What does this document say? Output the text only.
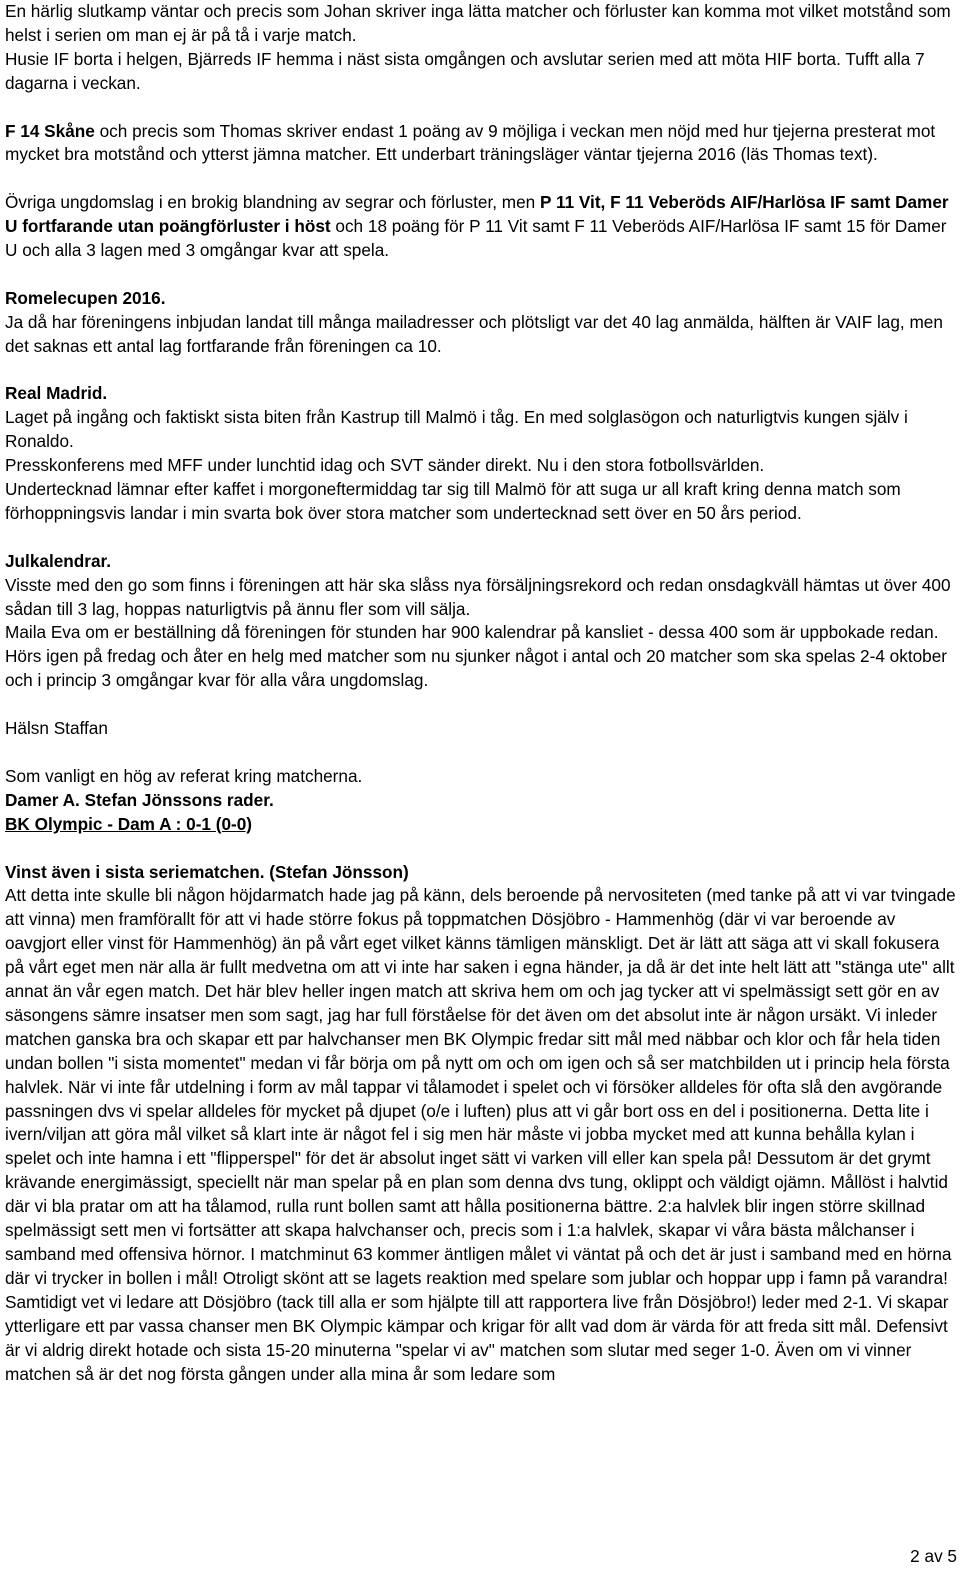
En härlig slutkamp väntar och precis som Johan skriver inga lätta matcher och förluster kan komma mot vilket motstånd som helst i serien om man ej är på tå i varje match.
Husie IF borta i helgen, Bjärreds IF hemma i näst sista omgången och avslutar serien med att möta HIF borta. Tufft alla 7 dagarna i veckan.

F 14 Skåne och precis som Thomas skriver endast 1 poäng av 9 möjliga i veckan men nöjd med hur tjejerna presterat mot mycket bra motstånd och ytterst jämna matcher. Ett underbart träningsläger väntar tjejerna 2016 (läs Thomas text).

Övriga ungdomslag i en brokig blandning av segrar och förluster, men P 11 Vit, F 11 Veberöds AIF/Harlösa IF samt Damer U fortfarande utan poängförluster i höst och 18 poäng för P 11 Vit samt F 11 Veberöds AIF/Harlösa IF samt 15 för Damer U och alla 3 lagen med 3 omgångar kvar att spela.

Romelecupen 2016.
Ja då har föreningens inbjudan landat till många mailadresser och plötsligt var det 40 lag anmälda, hälften är VAIF lag, men det saknas ett antal lag fortfarande från föreningen ca 10.

Real Madrid.
Laget på ingång och faktiskt sista biten från Kastrup till Malmö i tåg. En med solglasögon och naturligtvis kungen själv i Ronaldo.
Presskonferens med MFF under lunchtid idag och SVT sänder direkt. Nu i den stora fotbollsvärlden.
Undertecknad lämnar efter kaffet i morgoneftermiddag tar sig till Malmö för att suga ur all kraft kring denna match som förhoppningsvis landar i min svarta bok över stora matcher som undertecknad sett över en 50 års period.

Julkalendrar.
Visste med den go som finns i föreningen att här ska slåss nya försäljningsrekord och redan onsdagkväll hämtas ut över 400 sådan till 3 lag, hoppas naturligtvis på ännu fler som vill sälja.
Maila Eva om er beställning då föreningen för stunden har 900 kalendrar på kansliet - dessa 400 som är uppbokade redan.
Hörs igen på fredag och åter en helg med matcher som nu sjunker något i antal och 20 matcher som ska spelas 2-4 oktober och i princip 3 omgångar kvar för alla våra ungdomslag.

Hälsn Staffan

Som vanligt en hög av referat kring matcherna.
Damer A. Stefan Jönssons rader.
BK Olympic - Dam A : 0-1 (0-0)

Vinst även i sista seriematchen. (Stefan Jönsson)
Att detta inte skulle bli någon höjdarmatch hade jag på känn, dels beroende på nervositeten (med tanke på att vi var tvingade att vinna) men framförallt för att vi hade större fokus på toppmatchen Dösjöbro - Hammenhög (där vi var beroende av oavgjort eller vinst för Hammenhög) än på vårt eget vilket känns tämligen mänskligt. Det är lätt att säga att vi skall fokusera på vårt eget men när alla är fullt medvetna om att vi inte har saken i egna händer, ja då är det inte helt lätt att "stänga ute" allt annat än vår egen match. Det här blev heller ingen match att skriva hem om och jag tycker att vi spelmässigt sett gör en av säsongens sämre insatser men som sagt, jag har full förståelse för det även om det absolut inte är någon ursäkt. Vi inleder matchen ganska bra och skapar ett par halvchanser men BK Olympic fredar sitt mål med näbbar och klor och får hela tiden undan bollen "i sista momentet" medan vi får börja om på nytt om och om igen och så ser matchbilden ut i princip hela första halvlek. När vi inte får utdelning i form av mål tappar vi tålamodet i spelet och vi försöker alldeles för ofta slå den avgörande passningen dvs vi spelar alldeles för mycket på djupet (o/e i luften) plus att vi går bort oss en del i positionerna. Detta lite i ivern/viljan att göra mål vilket så klart inte är något fel i sig men här måste vi jobba mycket med att kunna behålla kylan i spelet och inte hamna i ett "flipperspel" för det är absolut inget sätt vi varken vill eller kan spela på! Dessutom är det grymt krävande energimässigt, speciellt när man spelar på en plan som denna dvs tung, oklippt och väldigt ojämn. Mållöst i halvtid där vi bla pratar om att ha tålamod, rulla runt bollen samt att hålla positionerna bättre. 2:a halvlek blir ingen större skillnad spelmässigt sett men vi fortsätter att skapa halvchanser och, precis som i 1:a halvlek, skapar vi våra bästa målchanser i samband med offensiva hörnor. I matchminut 63 kommer äntligen målet vi väntat på och det är just i samband med en hörna där vi trycker in bollen i mål! Otroligt skönt att se lagets reaktion med spelare som jublar och hoppar upp i famn på varandra! Samtidigt vet vi ledare att Dösjöbro (tack till alla er som hjälpte till att rapportera live från Dösjöbro!) leder med 2-1. Vi skapar ytterligare ett par vassa chanser men BK Olympic kämpar och krigar för allt vad dom är värda för att freda sitt mål. Defensivt är vi aldrig direkt hotade och sista 15-20 minuterna "spelar vi av" matchen som slutar med seger 1-0. Även om vi vinner matchen så är det nog första gången under alla mina år som ledare som

2 av 5
